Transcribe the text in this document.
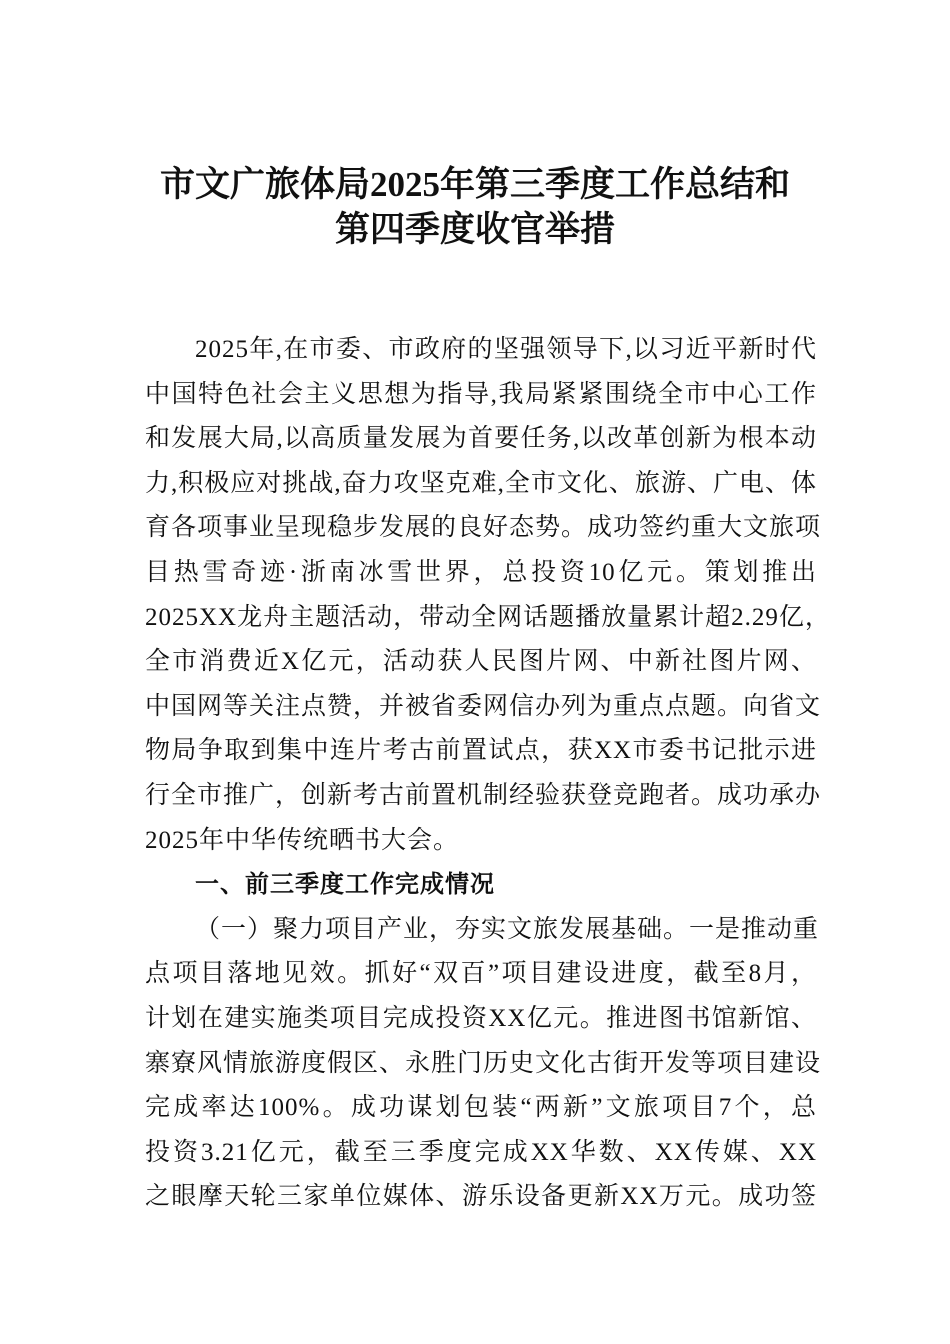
市文广旅体局2025年第三季度工作总结和
第四季度收官举措
2025年,在市委、市政府的坚强领导下,以习近平新时代
中国特色社会主义思想为指导,我局紧紧围绕全市中心工作
和发展大局,以高质量发展为首要任务,以改革创新为根本动
力,积极应对挑战,奋力攻坚克难,全市文化、旅游、广电、体
育各项事业呈现稳步发展的良好态势。成功签约重大文旅项
目热雪奇迹·浙南冰雪世界，总投资10亿元。策划推出
2025XX龙舟主题活动，带动全网话题播放量累计超2.29亿，
全市消费近X亿元，活动获人民图片网、中新社图片网、
中国网等关注点赞，并被省委网信办列为重点点题。向省文
物局争取到集中连片考古前置试点，获XX市委书记批示进
行全市推广，创新考古前置机制经验获登竞跑者。成功承办
2025年中华传统晒书大会。
一、前三季度工作完成情况
（一）聚力项目产业，夯实文旅发展基础。一是推动重
点项目落地见效。抓好“双百”项目建设进度，截至8月，
计划在建实施类项目完成投资XX亿元。推进图书馆新馆、
寨寮风情旅游度假区、永胜门历史文化古街开发等项目建设
完成率达100%。成功谋划包装“两新”文旅项目7个，总
投资3.21亿元，截至三季度完成XX华数、XX传媒、XX
之眼摩天轮三家单位媒体、游乐设备更新XX万元。成功签
